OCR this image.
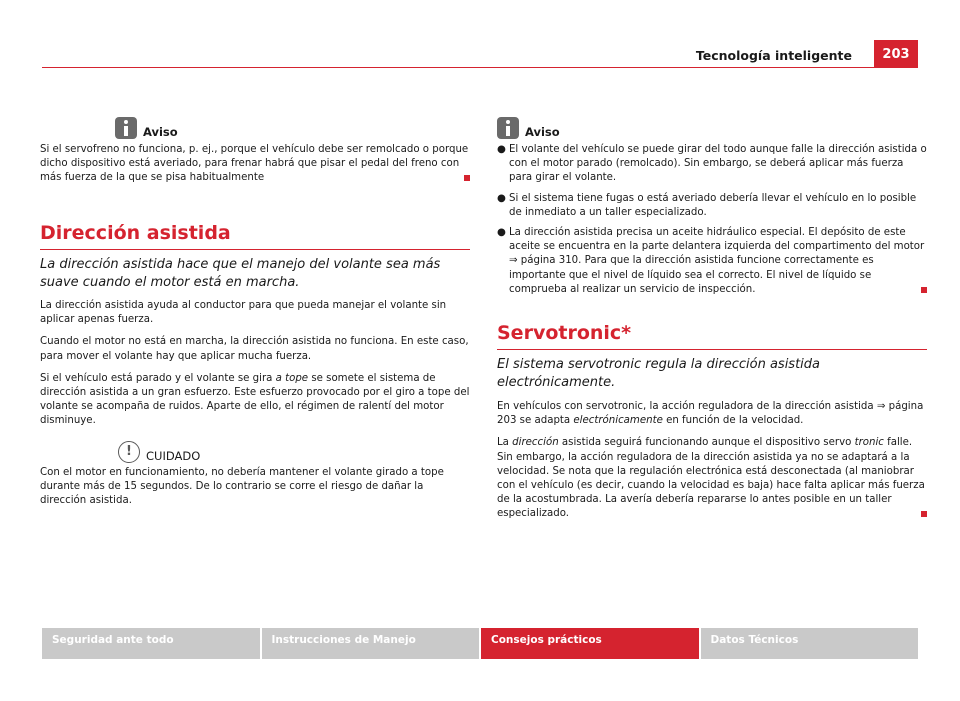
Tecnología inteligente	203
Aviso

Si el servofreno no funciona, p. ej., porque el vehículo debe ser remolcado o porque dicho dispositivo está averiado, para frenar habrá que pisar el pedal del freno con más fuerza de la que se pisa habitualmente

Dirección asistida
La dirección asistida hace que el manejo del volante sea más suave cuando el motor está en marcha.

La dirección asistida ayuda al conductor para que pueda manejar el volante sin aplicar apenas fuerza.

Cuando el motor no está en marcha, la dirección asistida no funciona. En este caso, para mover el volante hay que aplicar mucha fuerza.

Si el vehículo está parado y el volante se gira a tope se somete el sistema de dirección asistida a un gran esfuerzo. Este esfuerzo provocado por el giro a tope del volante se acompaña de ruidos. Aparte de ello, el régimen de ralentí del motor disminuye.

!	CUIDADO

Con el motor en funcionamiento, no debería mantener el volante girado a tope durante más de 15 segundos. De lo contrario se corre el riesgo de dañar la dirección asistida.

Aviso

● El volante del vehículo se puede girar del todo aunque falle la dirección asistida o con el motor parado (remolcado). Sin embargo, se deberá aplicar más fuerza para girar el volante.

● Si el sistema tiene fugas o está averiado debería llevar el vehículo en lo posible de inmediato a un taller especializado.

● La dirección asistida precisa un aceite hidráulico especial. El depósito de este aceite se encuentra en la parte delantera izquierda del compartimento del motor ⇒ página 310. Para que la dirección asistida funcione correctamente es importante que el nivel de líquido sea el correcto. El nivel de líquido se comprueba al realizar un servicio de inspección.

Servotronic*
El sistema servotronic regula la dirección asistida electrónicamente.

En vehículos con servotronic, la acción reguladora de la dirección asistida ⇒ página 203 se adapta electrónicamente en función de la velocidad.

La dirección asistida seguirá funcionando aunque el dispositivo servo tronic falle. Sin embargo, la acción reguladora de la dirección asistida ya no se adaptará a la velocidad. Se nota que la regulación electrónica está desconectada (al maniobrar con el vehículo (es decir, cuando la velocidad es baja) hace falta aplicar más fuerza de la acostumbrada. La avería debería repararse lo antes posible en un taller especializado.

Seguridad ante todo	Instrucciones de Manejo	Consejos prácticos	Datos Técnicos
